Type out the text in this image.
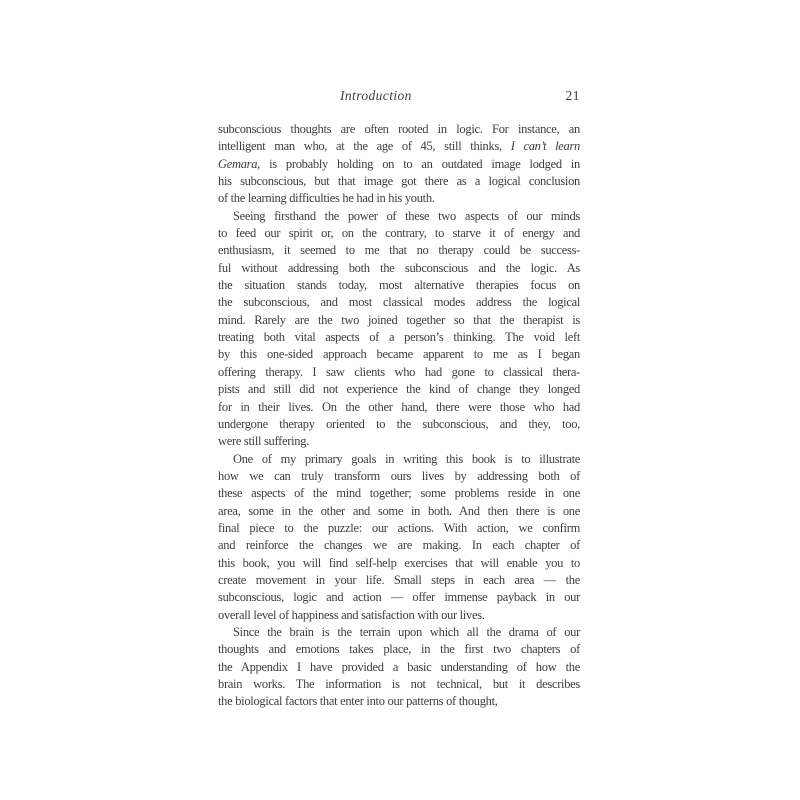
Introduction	21
subconscious thoughts are often rooted in logic. For instance, an
intelligent man who, at the age of 45, still thinks, I can’t learn
Gemara, is probably holding on to an outdated image lodged in
his subconscious, but that image got there as a logical conclusion
of the learning difficulties he had in his youth.
Seeing firsthand the power of these two aspects of our minds
to feed our spirit or, on the contrary, to starve it of energy and
enthusiasm, it seemed to me that no therapy could be success-
ful without addressing both the subconscious and the logic. As
the situation stands today, most alternative therapies focus on
the subconscious, and most classical modes address the logical
mind. Rarely are the two joined together so that the therapist is
treating both vital aspects of a person’s thinking. The void left
by this one-sided approach became apparent to me as I began
offering therapy. I saw clients who had gone to classical thera-
pists and still did not experience the kind of change they longed
for in their lives. On the other hand, there were those who had
undergone therapy oriented to the subconscious, and they, too,
were still suffering.
One of my primary goals in writing this book is to illustrate
how we can truly transform ours lives by addressing both of
these aspects of the mind together; some problems reside in one
area, some in the other and some in both. And then there is one
final piece to the puzzle: our actions. With action, we confirm
and reinforce the changes we are making. In each chapter of
this book, you will find self-help exercises that will enable you to
create movement in your life. Small steps in each area — the
subconscious, logic and action — offer immense payback in our
overall level of happiness and satisfaction with our lives.
Since the brain is the terrain upon which all the drama of our
thoughts and emotions takes place, in the first two chapters of
the Appendix I have provided a basic understanding of how the
brain works. The information is not technical, but it describes
the biological factors that enter into our patterns of thought,
